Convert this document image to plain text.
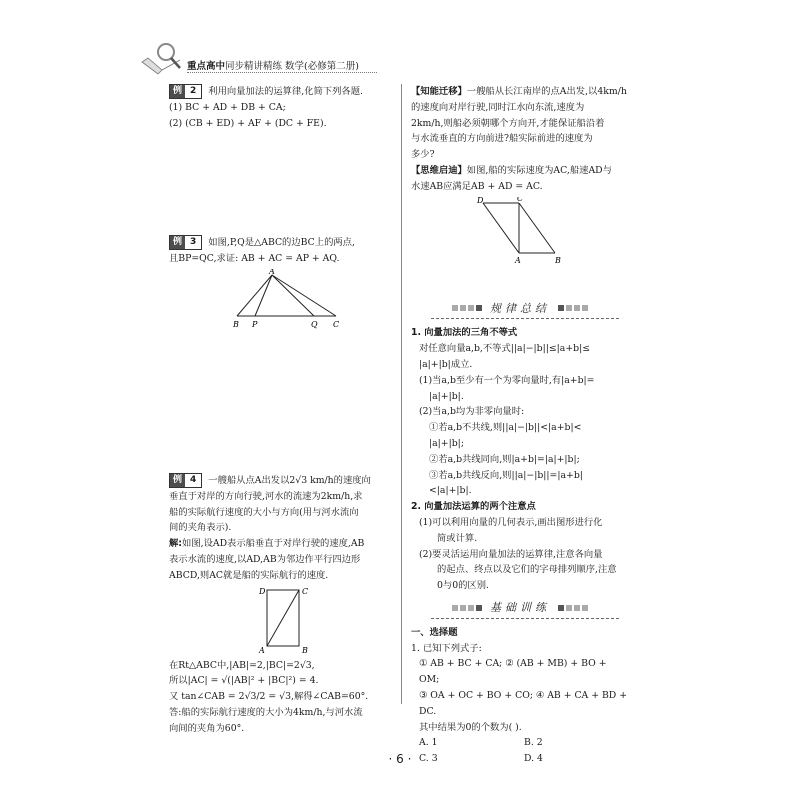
重点高中同步精讲精练 数学(必修第二册)

例 2	利用向量加法的运算律,化简下列各题.

(1) BC + AD + DB + CA;

(2) (CB + ED) + AF + (DC + FE).

例 3	如图,P,Q是△ABC的边BC上的两点,

且BP=QC,求证: AB + AC = AP + AQ.

A
B P	Q C

例 4	一艘船从点A出发以2√3 km/h的速度向

垂直于对岸的方向行驶,河水的流速为2km/h,求

船的实际航行速度的大小与方向(用与河水流向

间的夹角表示).

解:如图,设AD表示船垂直于对岸行驶的速度,AB

表示水流的速度,以AD,AB为邻边作平行四边形

ABCD,则AC就是船的实际航行的速度.

D	C
A	B

在Rt△ABC中,|AB|=2,|BC|=2√3,

所以|AC| = √(|AB|² + |BC|²) = 4.

又 tan∠CAB = 2√3/2 = √3,解得∠CAB=60°.

答:船的实际航行速度的大小为4km/h,与河水流

向间的夹角为60°.

【知能迁移】一艘船从长江南岸的点A出发,以4km/h

的速度向对岸行驶,同时江水向东流,速度为

2km/h,则船必须朝哪个方向开,才能保证船沿着

与水流垂直的方向前进?船实际前进的速度为

多少?

【思维启迪】如图,船的实际速度为AC,船速AD与

水速AB应满足AB + AD = AC.

D	C
A	B
规律总结

1. 向量加法的三角不等式

对任意向量a,b,不等式||a|−|b||≤|a+b|≤

|a|+|b|成立.

(1)当a,b至少有一个为零向量时,有|a+b|=

|a|+|b|.

(2)当a,b均为非零向量时:

①若a,b不共线,则||a|−|b||<|a+b|<

|a|+|b|;

②若a,b共线同向,则|a+b|=|a|+|b|;

③若a,b共线反向,则||a|−|b||=|a+b|

<|a|+|b|.

2. 向量加法运算的两个注意点

(1)可以利用向量的几何表示,画出图形进行化

简或计算.

(2)要灵活运用向量加法的运算律,注意各向量

的起点、终点以及它们的字母排列顺序,注意

0与0的区别.

基础训练

一、选择题

1. 已知下列式子:

① AB + BC + CA; ② (AB + MB) + BO + OM;

③ OA + OC + BO + CO; ④ AB + CA + BD + DC.

其中结果为0的个数为( ).

A. 1	B. 2
C. 3	D. 4
· 6 ·
